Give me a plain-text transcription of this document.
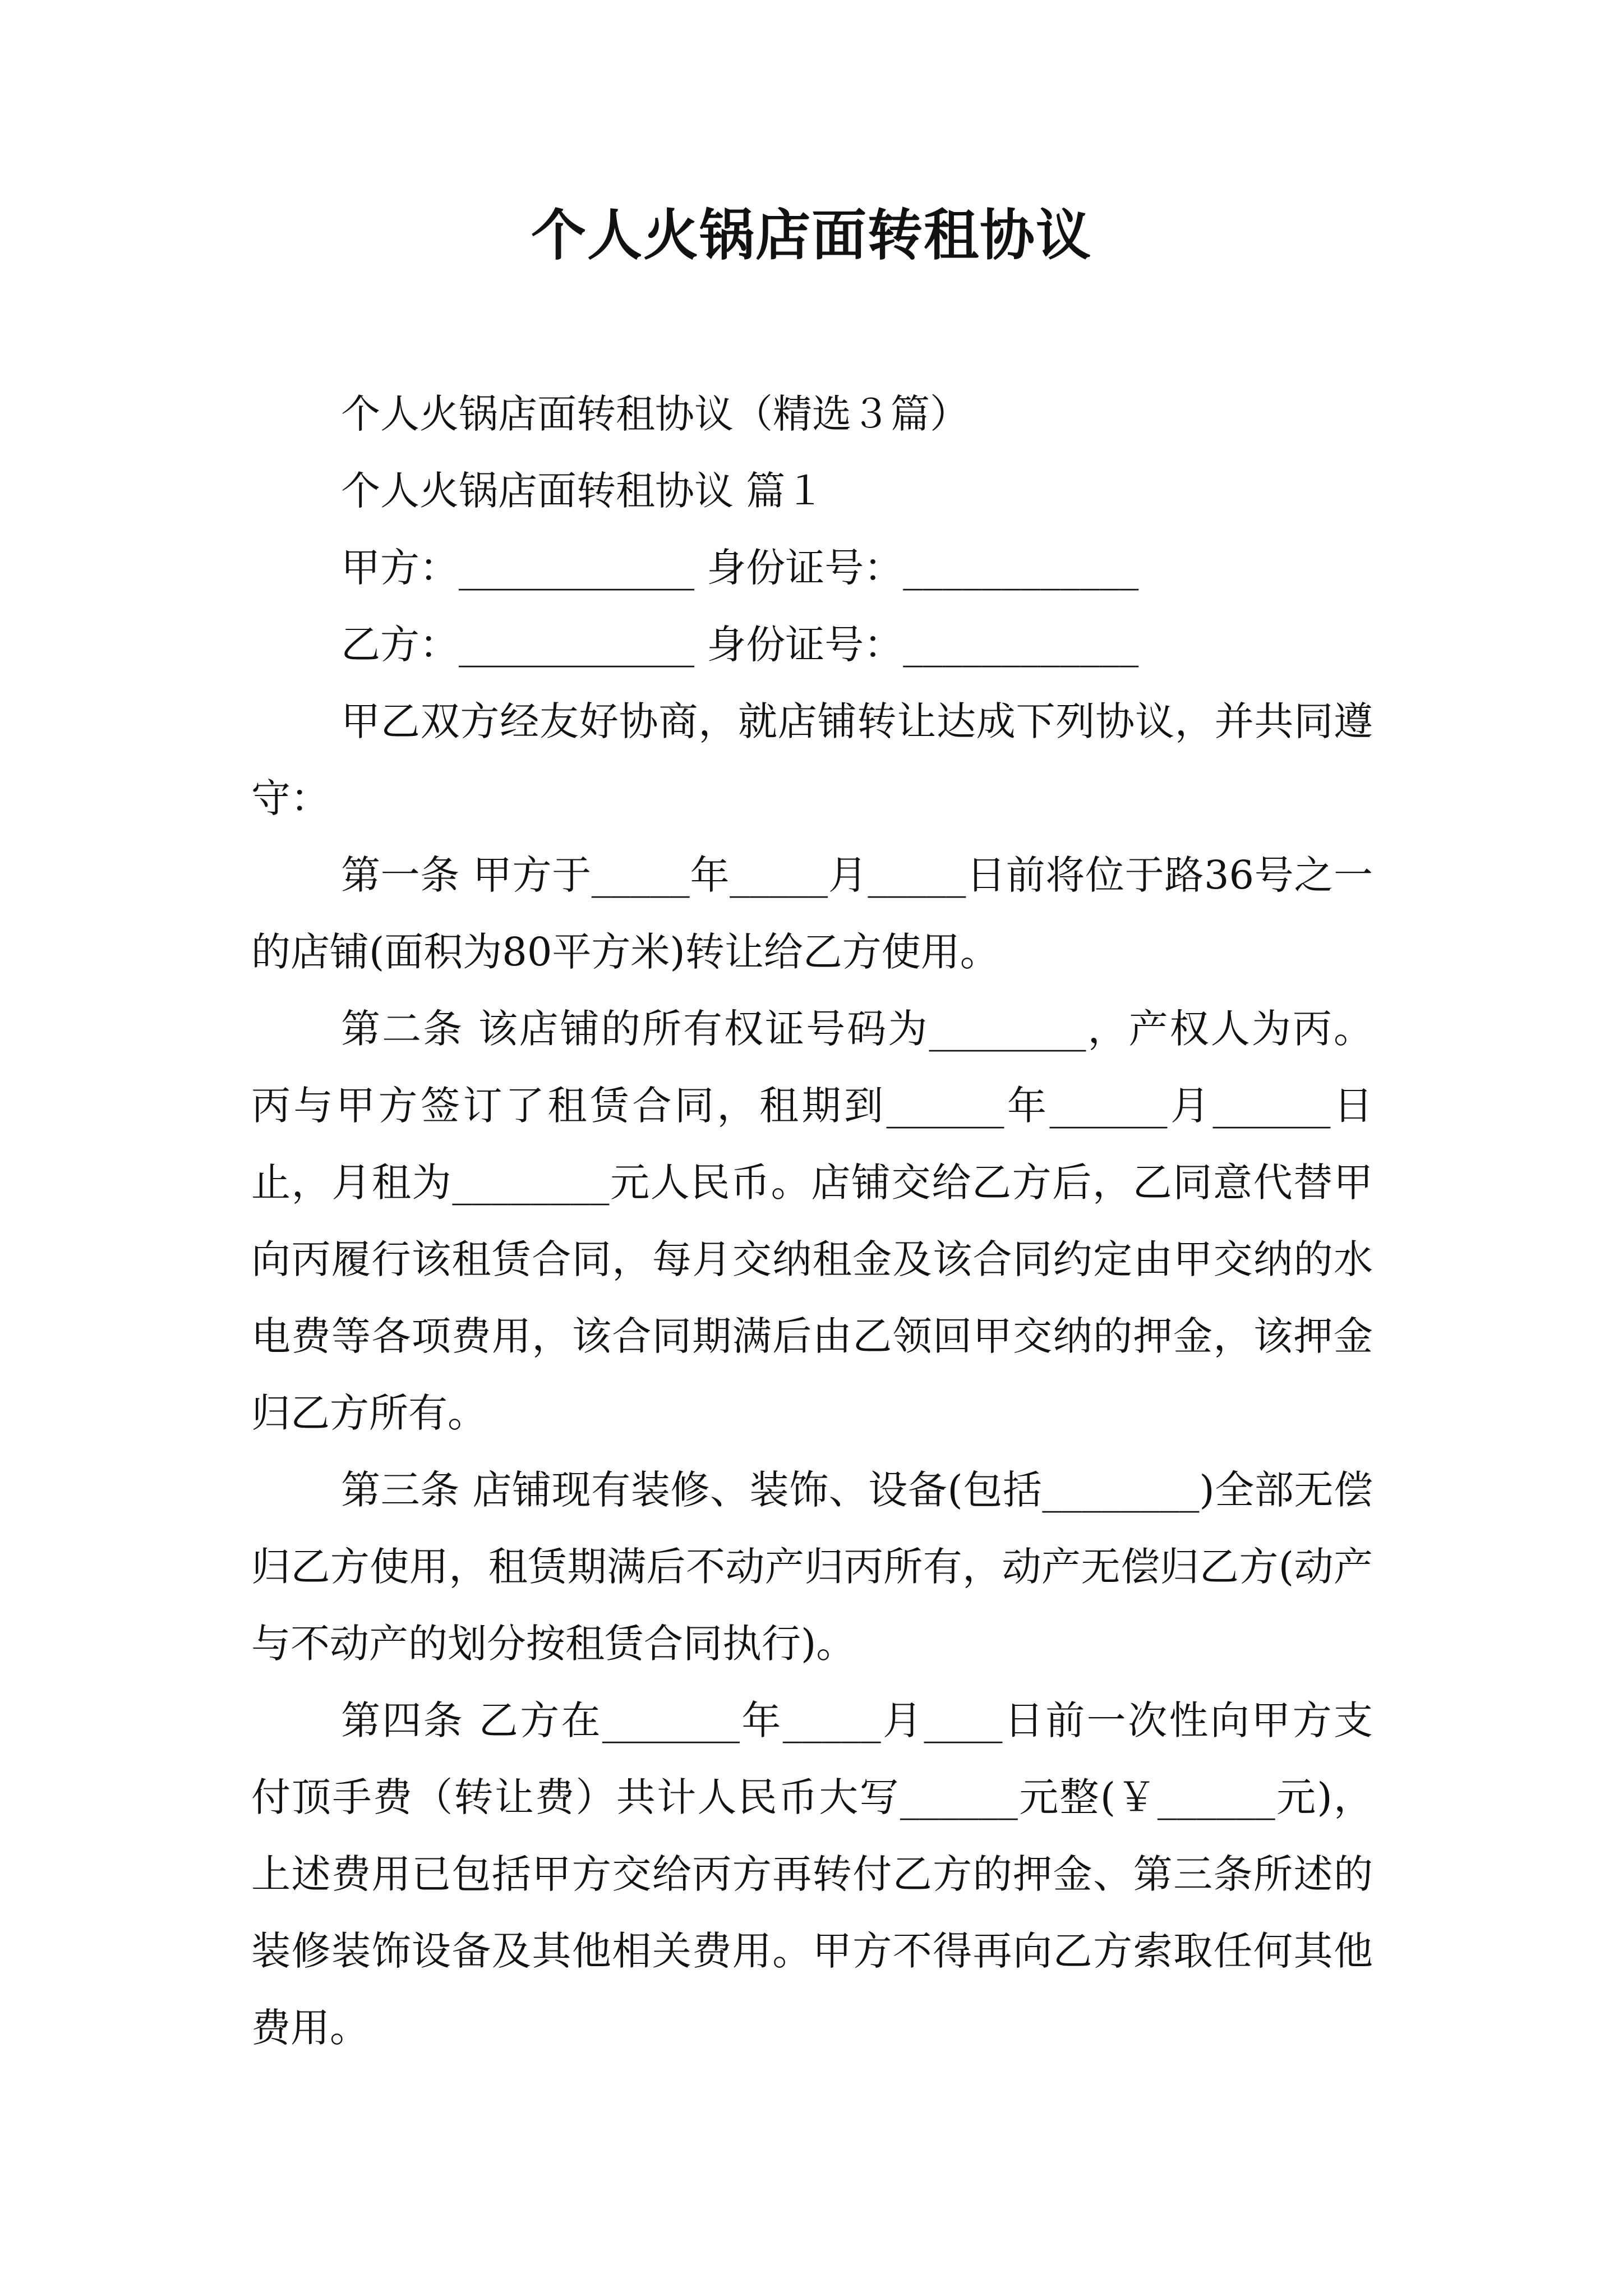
个人火锅店面转租协议

个人火锅店面转租协议（精选３篇）

个人火锅店面转租协议 篇１

甲方：____________ 身份证号：____________

乙方：____________ 身份证号：____________

甲乙双方经友好协商，就店铺转让达成下列协议，并共同遵守：

第一条 甲方于_____年_____月_____日前将位于路36号之一的店铺(面积为80平方米)转让给乙方使用。

第二条 该店铺的所有权证号码为________，产权人为丙。丙与甲方签订了租赁合同，租期到______年______月______日止，月租为________元人民币。店铺交给乙方后，乙同意代替甲向丙履行该租赁合同，每月交纳租金及该合同约定由甲交纳的水电费等各项费用，该合同期满后由乙领回甲交纳的押金，该押金归乙方所有。

第三条 店铺现有装修、装饰、设备(包括________)全部无偿归乙方使用，租赁期满后不动产归丙所有，动产无偿归乙方(动产与不动产的划分按租赁合同执行)。

第四条 乙方在_______年_____月____日前一次性向甲方支付顶手费（转让费）共计人民币大写______元整(￥______元)，上述费用已包括甲方交给丙方再转付乙方的押金、第三条所述的装修装饰设备及其他相关费用。甲方不得再向乙方索取任何其他费用。
